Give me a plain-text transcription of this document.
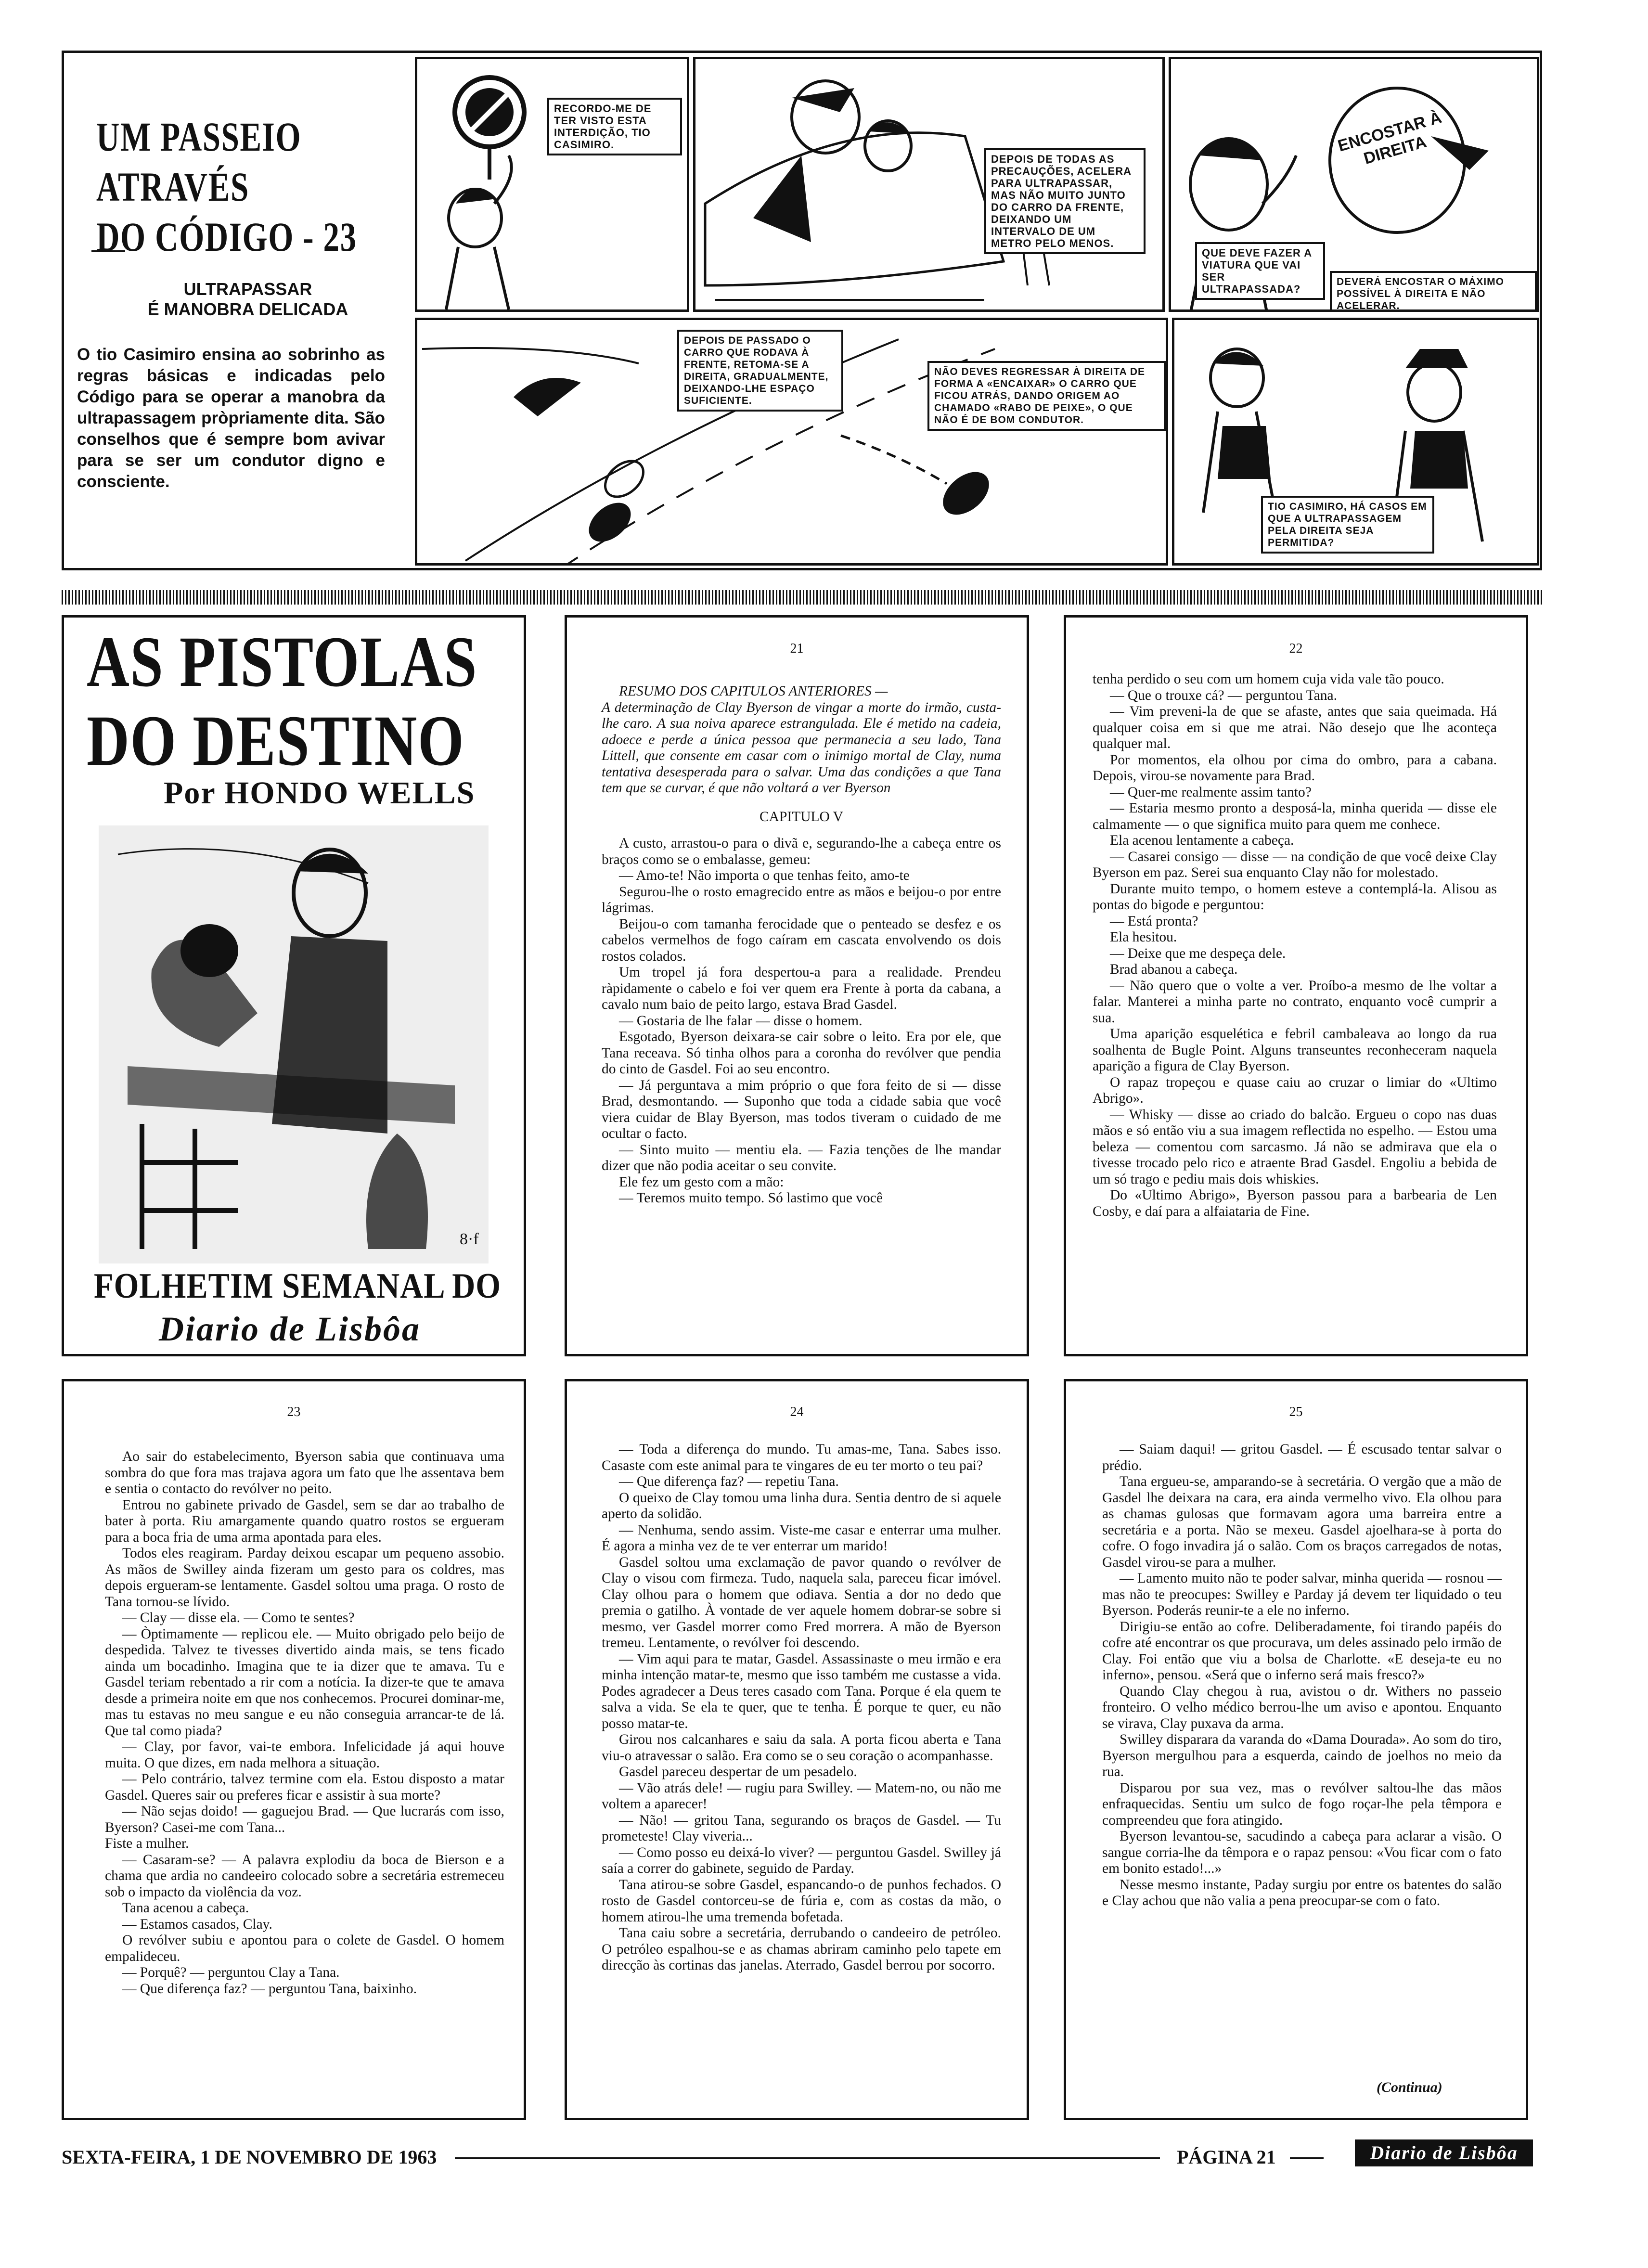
UM PASSEIO ATRAVÉS
DO CÓDIGO - 23
ULTRAPASSAR
É MANOBRA DELICADA
O tio Casimiro ensina ao sobrinho as regras básicas e indicadas pelo Código para se operar a manobra da ultrapassagem pròpriamente dita. São conselhos que é sempre bom avivar para se ser um condutor digno e consciente.
RECORDO-ME DE TER VISTO ESTA INTERDIÇÃO, TIO CASIMIRO.
DEPOIS DE TODAS AS PRECAUÇÕES, ACELERA PARA ULTRAPASSAR, MAS NÃO MUITO JUNTO DO CARRO DA FRENTE, DEIXANDO UM INTERVALO DE UM METRO PELO MENOS.
ENCOSTAR À DIREITA
QUE DEVE FAZER A VIATURA QUE VAI SER ULTRAPASSADA?
DEVERÁ ENCOSTAR O MÁXIMO POSSÍVEL À DIREITA E NÃO ACELERAR.
DEPOIS DE PASSADO O CARRO QUE RODAVA À FRENTE, RETOMA-SE A DIREITA, GRADUALMENTE, DEIXANDO-LHE ESPAÇO SUFICIENTE.
NÃO DEVES REGRESSAR À DIREITA DE FORMA A «ENCAIXAR» O CARRO QUE FICOU ATRÁS, DANDO ORIGEM AO CHAMADO «RABO DE PEIXE», O QUE NÃO É DE BOM CONDUTOR.
TIO CASIMIRO, HÁ CASOS EM QUE A ULTRAPASSAGEM PELA DIREITA SEJA PERMITIDA?
AS PISTOLAS
DO DESTINO
Por HONDO WELLS
8·f
FOLHETIM SEMANAL DO
Diario de Lisbôa
21

RESUMO DOS CAPITULOS ANTERIORES —

A determinação de Clay Byerson de vingar a morte do irmão, custa-lhe caro. A sua noiva aparece estrangulada. Ele é metido na cadeia, adoece e perde a única pessoa que permanecia a seu lado, Tana Littell, que consente em casar com o inimigo mortal de Clay, numa tentativa desesperada para o salvar. Uma das condições a que Tana tem que se curvar, é que não voltará a ver Byerson

CAPITULO V

A custo, arrastou-o para o divã e, segurando-lhe a cabeça entre os braços como se o embalasse, gemeu:

— Amo-te! Não importa o que tenhas feito, amo-te

Segurou-lhe o rosto emagrecido entre as mãos e beijou-o por entre lágrimas.

Beijou-o com tamanha ferocidade que o penteado se desfez e os cabelos vermelhos de fogo caíram em cascata envolvendo os dois rostos colados.

Um tropel já fora despertou-a para a realidade. Prendeu ràpidamente o cabelo e foi ver quem era Frente à porta da cabana, a cavalo num baio de peito largo, estava Brad Gasdel.

— Gostaria de lhe falar — disse o homem.

Esgotado, Byerson deixara-se cair sobre o leito. Era por ele, que Tana receava. Só tinha olhos para a coronha do revólver que pendia do cinto de Gasdel. Foi ao seu encontro.

— Já perguntava a mim próprio o que fora feito de si — disse Brad, desmontando. — Suponho que toda a cidade sabia que você viera cuidar de Blay Byerson, mas todos tiveram o cuidado de me ocultar o facto.

— Sinto muito — mentiu ela. — Fazia tenções de lhe mandar dizer que não podia aceitar o seu convite.

Ele fez um gesto com a mão:

— Teremos muito tempo. Só lastimo que você

22

tenha perdido o seu com um homem cuja vida vale tão pouco.

— Que o trouxe cá? — perguntou Tana.

— Vim preveni-la de que se afaste, antes que saia queimada. Há qualquer coisa em si que me atrai. Não desejo que lhe aconteça qualquer mal.

Por momentos, ela olhou por cima do ombro, para a cabana. Depois, virou-se novamente para Brad.

— Quer-me realmente assim tanto?

— Estaria mesmo pronto a desposá-la, minha querida — disse ele calmamente — o que significa muito para quem me conhece.

Ela acenou lentamente a cabeça.

— Casarei consigo — disse — na condição de que você deixe Clay Byerson em paz. Serei sua enquanto Clay não for molestado.

Durante muito tempo, o homem esteve a contemplá-la. Alisou as pontas do bigode e perguntou:

— Está pronta?

Ela hesitou.

— Deixe que me despeça dele.

Brad abanou a cabeça.

— Não quero que o volte a ver. Proíbo-a mesmo de lhe voltar a falar. Manterei a minha parte no contrato, enquanto você cumprir a sua.

Uma aparição esquelética e febril cambaleava ao longo da rua soalhenta de Bugle Point. Alguns transeuntes reconheceram naquela aparição a figura de Clay Byerson.

O rapaz tropeçou e quase caiu ao cruzar o limiar do «Ultimo Abrigo».

— Whisky — disse ao criado do balcão. Ergueu o copo nas duas mãos e só então viu a sua imagem reflectida no espelho. — Estou uma beleza — comentou com sarcasmo. Já não se admirava que ela o tivesse trocado pelo rico e atraente Brad Gasdel. Engoliu a bebida de um só trago e pediu mais dois whiskies.

Do «Ultimo Abrigo», Byerson passou para a barbearia de Len Cosby, e daí para a alfaiataria de Fine.

23

Ao sair do estabelecimento, Byerson sabia que continuava uma sombra do que fora mas trajava agora um fato que lhe assentava bem e sentia o contacto do revólver no peito.

Entrou no gabinete privado de Gasdel, sem se dar ao trabalho de bater à porta. Riu amargamente quando quatro rostos se ergueram para a boca fria de uma arma apontada para eles.

Todos eles reagiram. Parday deixou escapar um pequeno assobio. As mãos de Swilley ainda fizeram um gesto para os coldres, mas depois ergueram-se lentamente. Gasdel soltou uma praga. O rosto de Tana tornou-se lívido.

— Clay — disse ela. — Como te sentes?

— Òptimamente — replicou ele. — Muito obrigado pelo beijo de despedida. Talvez te tivesses divertido ainda mais, se tens ficado ainda um bocadinho. Imagina que te ia dizer que te amava. Tu e Gasdel teriam rebentado a rir com a notícia. Ia dizer-te que te amava desde a primeira noite em que nos conhecemos. Procurei dominar-me, mas tu estavas no meu sangue e eu não conseguia arrancar-te de lá. Que tal como piada?

— Clay, por favor, vai-te embora. Infelicidade já aqui houve muita. O que dizes, em nada melhora a situação.

— Pelo contrário, talvez termine com ela. Estou disposto a matar Gasdel. Queres sair ou preferes ficar e assistir à sua morte?

— Não sejas doido! — gaguejou Brad. — Que lucrarás com isso, Byerson? Casei-me com Tana...

Fiste a mulher.

— Casaram-se? — A palavra explodiu da boca de Bierson e a chama que ardia no candeeiro colocado sobre a secretária estremeceu sob o impacto da violência da voz.

Tana acenou a cabeça.

— Estamos casados, Clay.

O revólver subiu e apontou para o colete de Gasdel. O homem empalideceu.

— Porquê? — perguntou Clay a Tana.

— Que diferença faz? — perguntou Tana, baixinho.

24

— Toda a diferença do mundo. Tu amas-me, Tana. Sabes isso. Casaste com este animal para te vingares de eu ter morto o teu pai?

— Que diferença faz? — repetiu Tana.

O queixo de Clay tomou uma linha dura. Sentia dentro de si aquele aperto da solidão.

— Nenhuma, sendo assim. Viste-me casar e enterrar uma mulher. É agora a minha vez de te ver enterrar um marido!

Gasdel soltou uma exclamação de pavor quando o revólver de Clay o visou com firmeza. Tudo, naquela sala, pareceu ficar imóvel. Clay olhou para o homem que odiava. Sentia a dor no dedo que premia o gatilho. À vontade de ver aquele homem dobrar-se sobre si mesmo, ver Gasdel morrer como Fred morrera. A mão de Byerson tremeu. Lentamente, o revólver foi descendo.

— Vim aqui para te matar, Gasdel. Assassinaste o meu irmão e era minha intenção matar-te, mesmo que isso também me custasse a vida. Podes agradecer a Deus teres casado com Tana. Porque é ela quem te salva a vida. Se ela te quer, que te tenha. É porque te quer, eu não posso matar-te.

Girou nos calcanhares e saiu da sala. A porta ficou aberta e Tana viu-o atravessar o salão. Era como se o seu coração o acompanhasse.

Gasdel pareceu despertar de um pesadelo.

— Vão atrás dele! — rugiu para Swilley. — Matem-no, ou não me voltem a aparecer!

— Não! — gritou Tana, segurando os braços de Gasdel. — Tu prometeste! Clay viveria...

— Como posso eu deixá-lo viver? — perguntou Gasdel. Swilley já saía a correr do gabinete, seguido de Parday.

Tana atirou-se sobre Gasdel, espancando-o de punhos fechados. O rosto de Gasdel contorceu-se de fúria e, com as costas da mão, o homem atirou-lhe uma tremenda bofetada.

Tana caiu sobre a secretária, derrubando o candeeiro de petróleo. O petróleo espalhou-se e as chamas abriram caminho pelo tapete em direcção às cortinas das janelas. Aterrado, Gasdel berrou por socorro.

25

— Saiam daqui! — gritou Gasdel. — É escusado tentar salvar o prédio.

Tana ergueu-se, amparando-se à secretária. O vergão que a mão de Gasdel lhe deixara na cara, era ainda vermelho vivo. Ela olhou para as chamas gulosas que formavam agora uma barreira entre a secretária e a porta. Não se mexeu. Gasdel ajoelhara-se à porta do cofre. O fogo invadira já o salão. Com os braços carregados de notas, Gasdel virou-se para a mulher.

— Lamento muito não te poder salvar, minha querida — rosnou — mas não te preocupes: Swilley e Parday já devem ter liquidado o teu Byerson. Poderás reunir-te a ele no inferno.

Dirigiu-se então ao cofre. Deliberadamente, foi tirando papéis do cofre até encontrar os que procurava, um deles assinado pelo irmão de Clay. Foi então que viu a bolsa de Charlotte. «E deseja-te eu no inferno», pensou. «Será que o inferno será mais fresco?»

Quando Clay chegou à rua, avistou o dr. Withers no passeio fronteiro. O velho médico berrou-lhe um aviso e apontou. Enquanto se virava, Clay puxava da arma.

Swilley disparara da varanda do «Dama Dourada». Ao som do tiro, Byerson mergulhou para a esquerda, caindo de joelhos no meio da rua.

Disparou por sua vez, mas o revólver saltou-lhe das mãos enfraquecidas. Sentiu um sulco de fogo roçar-lhe pela têmpora e compreendeu que fora atingido.

Byerson levantou-se, sacudindo a cabeça para aclarar a visão. O sangue corria-lhe da têmpora e o rapaz pensou: «Vou ficar com o fato em bonito estado!...»

Nesse mesmo instante, Paday surgiu por entre os batentes do salão e Clay achou que não valia a pena preocupar-se com o fato.

(Continua)
SEXTA-FEIRA, 1 DE NOVEMBRO DE 1963	PÁGINA 21	Diario de Lisbôa
